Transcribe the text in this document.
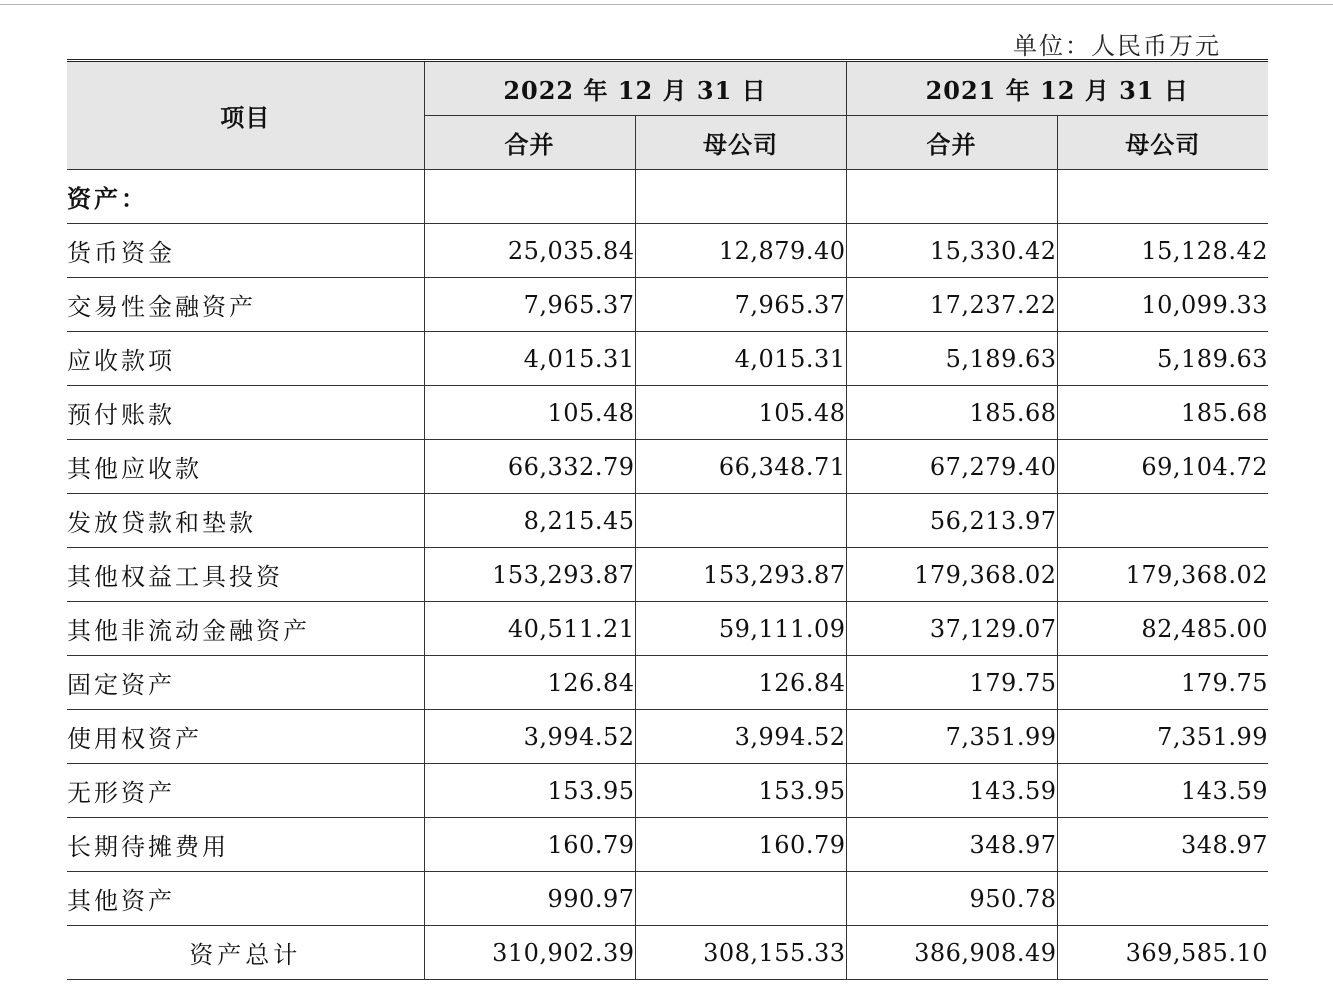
单位：人民币万元
项目	2022 年 12 月 31 日		2021 年 12 月 31 日	
	合并	母公司	合并	母公司
资产：				
货币资金	25,035.84	12,879.40	15,330.42	15,128.42
交易性金融资产	7,965.37	7,965.37	17,237.22	10,099.33
应收款项	4,015.31	4,015.31	5,189.63	5,189.63
预付账款	105.48	105.48	185.68	185.68
其他应收款	66,332.79	66,348.71	67,279.40	69,104.72
发放贷款和垫款	8,215.45		56,213.97	
其他权益工具投资	153,293.87	153,293.87	179,368.02	179,368.02
其他非流动金融资产	40,511.21	59,111.09	37,129.07	82,485.00
固定资产	126.84	126.84	179.75	179.75
使用权资产	3,994.52	3,994.52	7,351.99	7,351.99
无形资产	153.95	153.95	143.59	143.59
长期待摊费用	160.79	160.79	348.97	348.97
其他资产	990.97		950.78	
资产总计	310,902.39	308,155.33	386,908.49	369,585.10
